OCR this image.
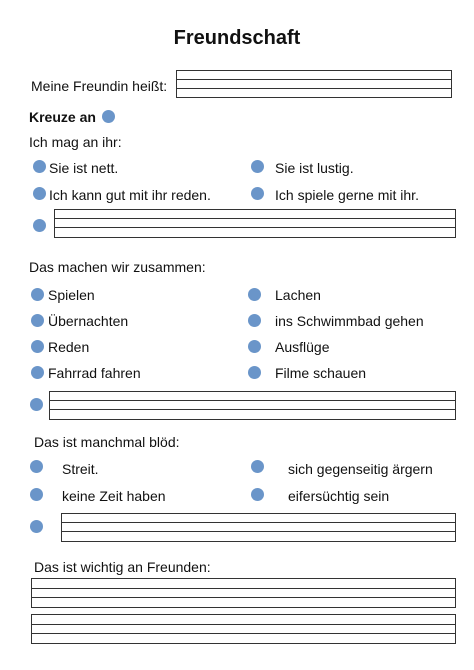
Freundschaft
Meine Freundin heißt:
Kreuze an
Ich mag an ihr:
Sie ist nett.	Sie ist lustig.
Ich kann gut mit ihr reden.	Ich spiele gerne mit ihr.
Das machen wir zusammen:
Spielen	Lachen
Übernachten	ins Schwimmbad gehen
Reden	Ausflüge
Fahrrad fahren	Filme schauen
Das ist manchmal blöd:
Streit.	sich gegenseitig ärgern
keine Zeit haben	eifersüchtig sein
Das ist wichtig an Freunden:
